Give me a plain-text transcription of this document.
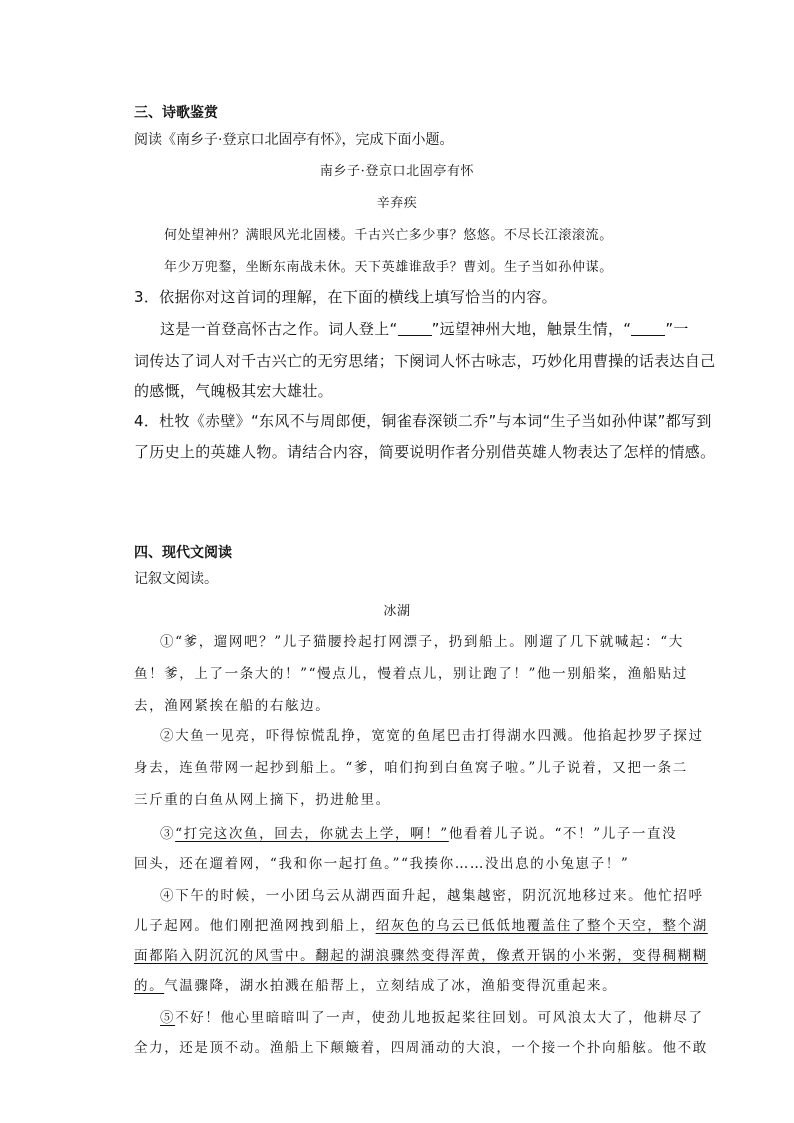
三、诗歌鉴赏
阅读《南乡子·登京口北固亭有怀》，完成下面小题。
南乡子·登京口北固亭有怀
辛弃疾
何处望神州？满眼风光北固楼。千古兴亡多少事？悠悠。不尽长江滚滚流。
年少万兜鍪，坐断东南战未休。天下英雄谁敌手？曹刘。生子当如孙仲谋。
3．依据你对这首词的理解，在下面的横线上填写恰当的内容。
这是一首登高怀古之作。词人登上“ ”远望神州大地，触景生情，“ ”一
词传达了词人对千古兴亡的无穷思绪；下阕词人怀古咏志，巧妙化用曹操的话表达自己
的感慨，气魄极其宏大雄壮。
4．杜牧《赤壁》“东风不与周郎便，铜雀春深锁二乔”与本词“生子当如孙仲谋”都写到
了历史上的英雄人物。请结合内容，简要说明作者分别借英雄人物表达了怎样的情感。
四、现代文阅读
记叙文阅读。
冰湖
①“爹，遛网吧？”儿子猫腰拎起打网漂子，扔到船上。刚遛了几下就喊起：“大
鱼！爹，上了一条大的！”“慢点儿，慢着点儿，别让跑了！”他一别船桨，渔船贴过
去，渔网紧挨在船的右舷边。
②大鱼一见亮，吓得惊慌乱挣，宽宽的鱼尾巴击打得湖水四溅。他掐起抄罗子探过
身去，连鱼带网一起抄到船上。“爹，咱们拘到白鱼窝子啦。”儿子说着，又把一条二
三斤重的白鱼从网上摘下，扔进舱里。
③“打完这次鱼，回去，你就去上学，啊！”他看着儿子说。“不！”儿子一直没
回头，还在遛着网，“我和你一起打鱼。”“我揍你……没出息的小兔崽子！”
④下午的时候，一小团乌云从湖西面升起，越集越密，阴沉沉地移过来。他忙招呼
儿子起网。他们刚把渔网拽到船上，绍灰色的乌云已低低地覆盖住了整个天空，整个湖
面都陷入阴沉沉的风雪中。翻起的湖浪骤然变得浑黄，像煮开锅的小米粥，变得稠糊糊
的。气温骤降，湖水拍溅在船帮上，立刻结成了冰，渔船变得沉重起来。
⑤不好！他心里暗暗叫了一声，使劲儿地扳起桨往回划。可风浪太大了，他耕尽了
全力，还是顶不动。渔船上下颠簸着，四周涌动的大浪，一个接一个扑向船舷。他不敢
